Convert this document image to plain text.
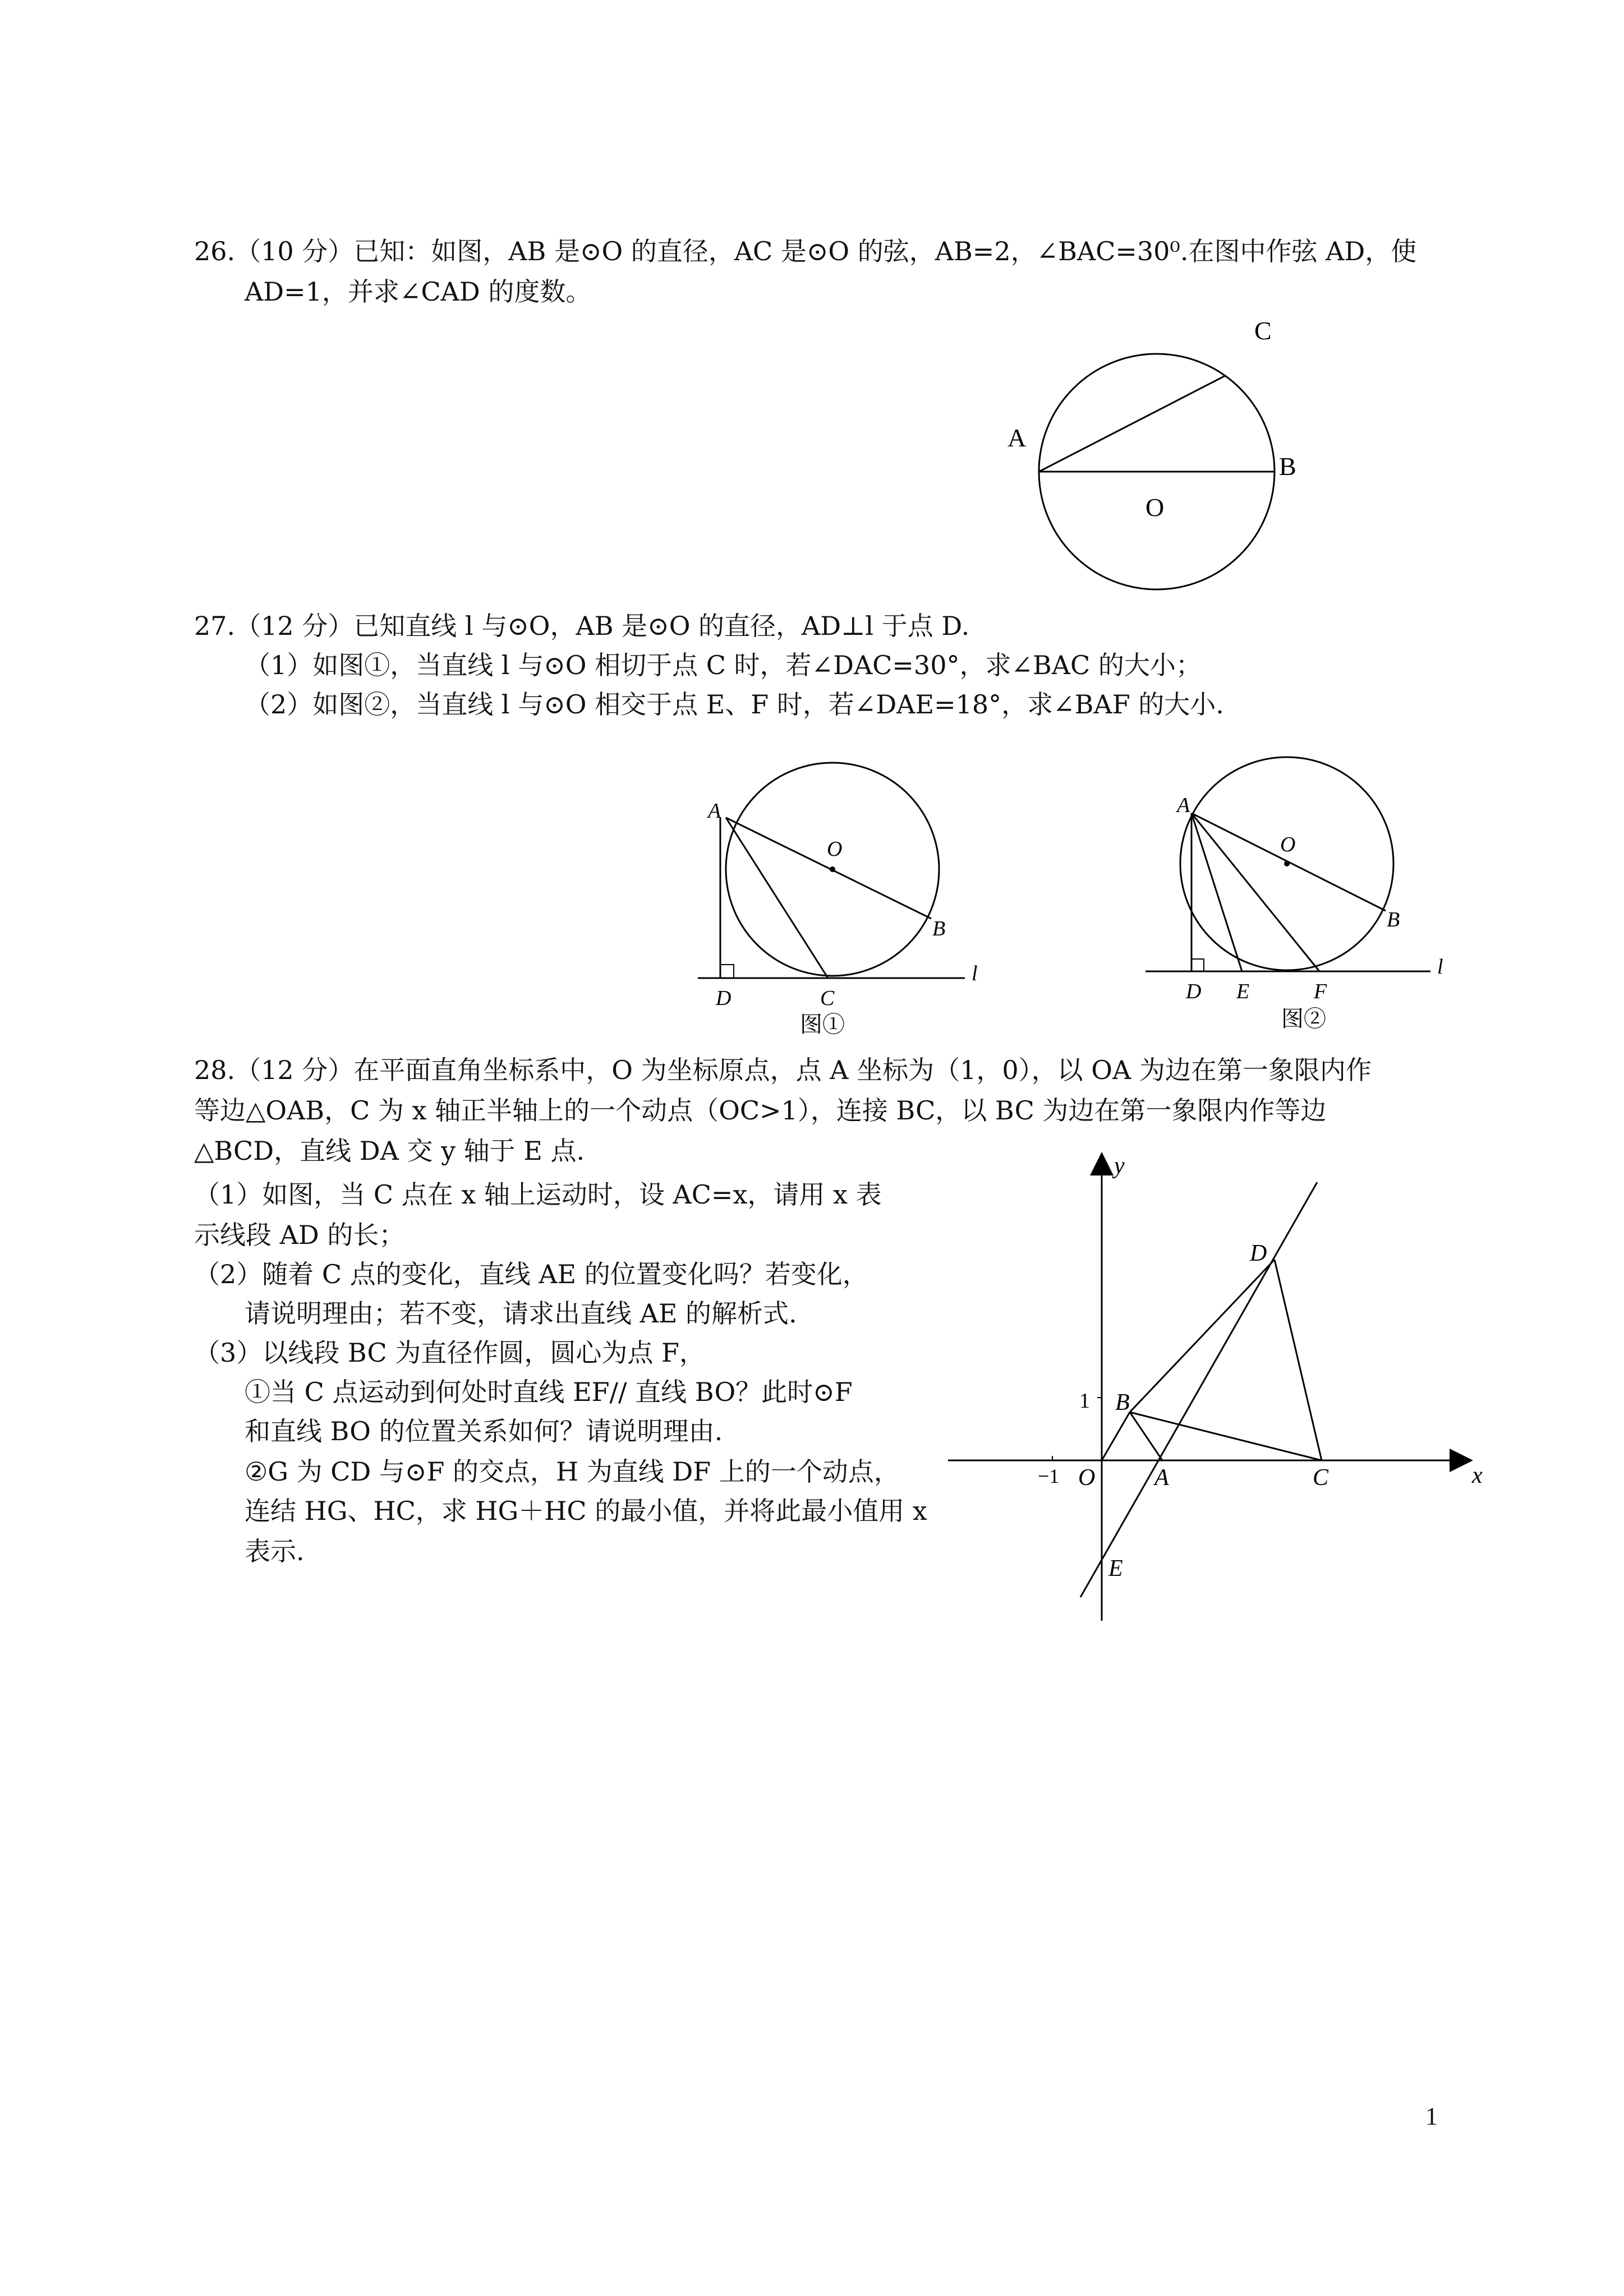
26.（10 分）已知：如图，AB 是⊙O 的直径，AC 是⊙O 的弦，AB=2，∠BAC=30⁰.在图中作弦 AD，使
AD=1，并求∠CAD 的度数。
C
A
B
O
27.（12 分）已知直线 l 与⊙O，AB 是⊙O 的直径，AD⊥l 于点 D.
（1）如图①，当直线 l 与⊙O 相切于点 C 时，若∠DAC=30°，求∠BAC 的大小；
（2）如图②，当直线 l 与⊙O 相交于点 E、F 时，若∠DAE=18°，求∠BAF 的大小.
A
O
B
D	C
l
图①
A
O
B
D E	F
l
图②
28.（12 分）在平面直角坐标系中，O 为坐标原点，点 A 坐标为（1，0），以 OA 为边在第一象限内作
等边△OAB，C 为 x 轴正半轴上的一个动点（OC>1），连接 BC，以 BC 为边在第一象限内作等边
△BCD，直线 DA 交 y 轴于 E 点.
（1）如图，当 C 点在 x 轴上运动时，设 AC=x，请用 x 表
示线段 AD 的长；
（2）随着 C 点的变化，直线 AE 的位置变化吗？若变化，
请说明理由；若不变，请求出直线 AE 的解析式.
（3）以线段 BC 为直径作圆，圆心为点 F，
①当 C 点运动到何处时直线 EF// 直线 BO？此时⊙F
和直线 BO 的位置关系如何？请说明理由.
②G 为 CD 与⊙F 的交点，H 为直线 DF 上的一个动点，
连结 HG、HC，求 HG＋HC 的最小值，并将此最小值用 x
表示.
y
x
D
B
1
−1 O	A	C
E
1
